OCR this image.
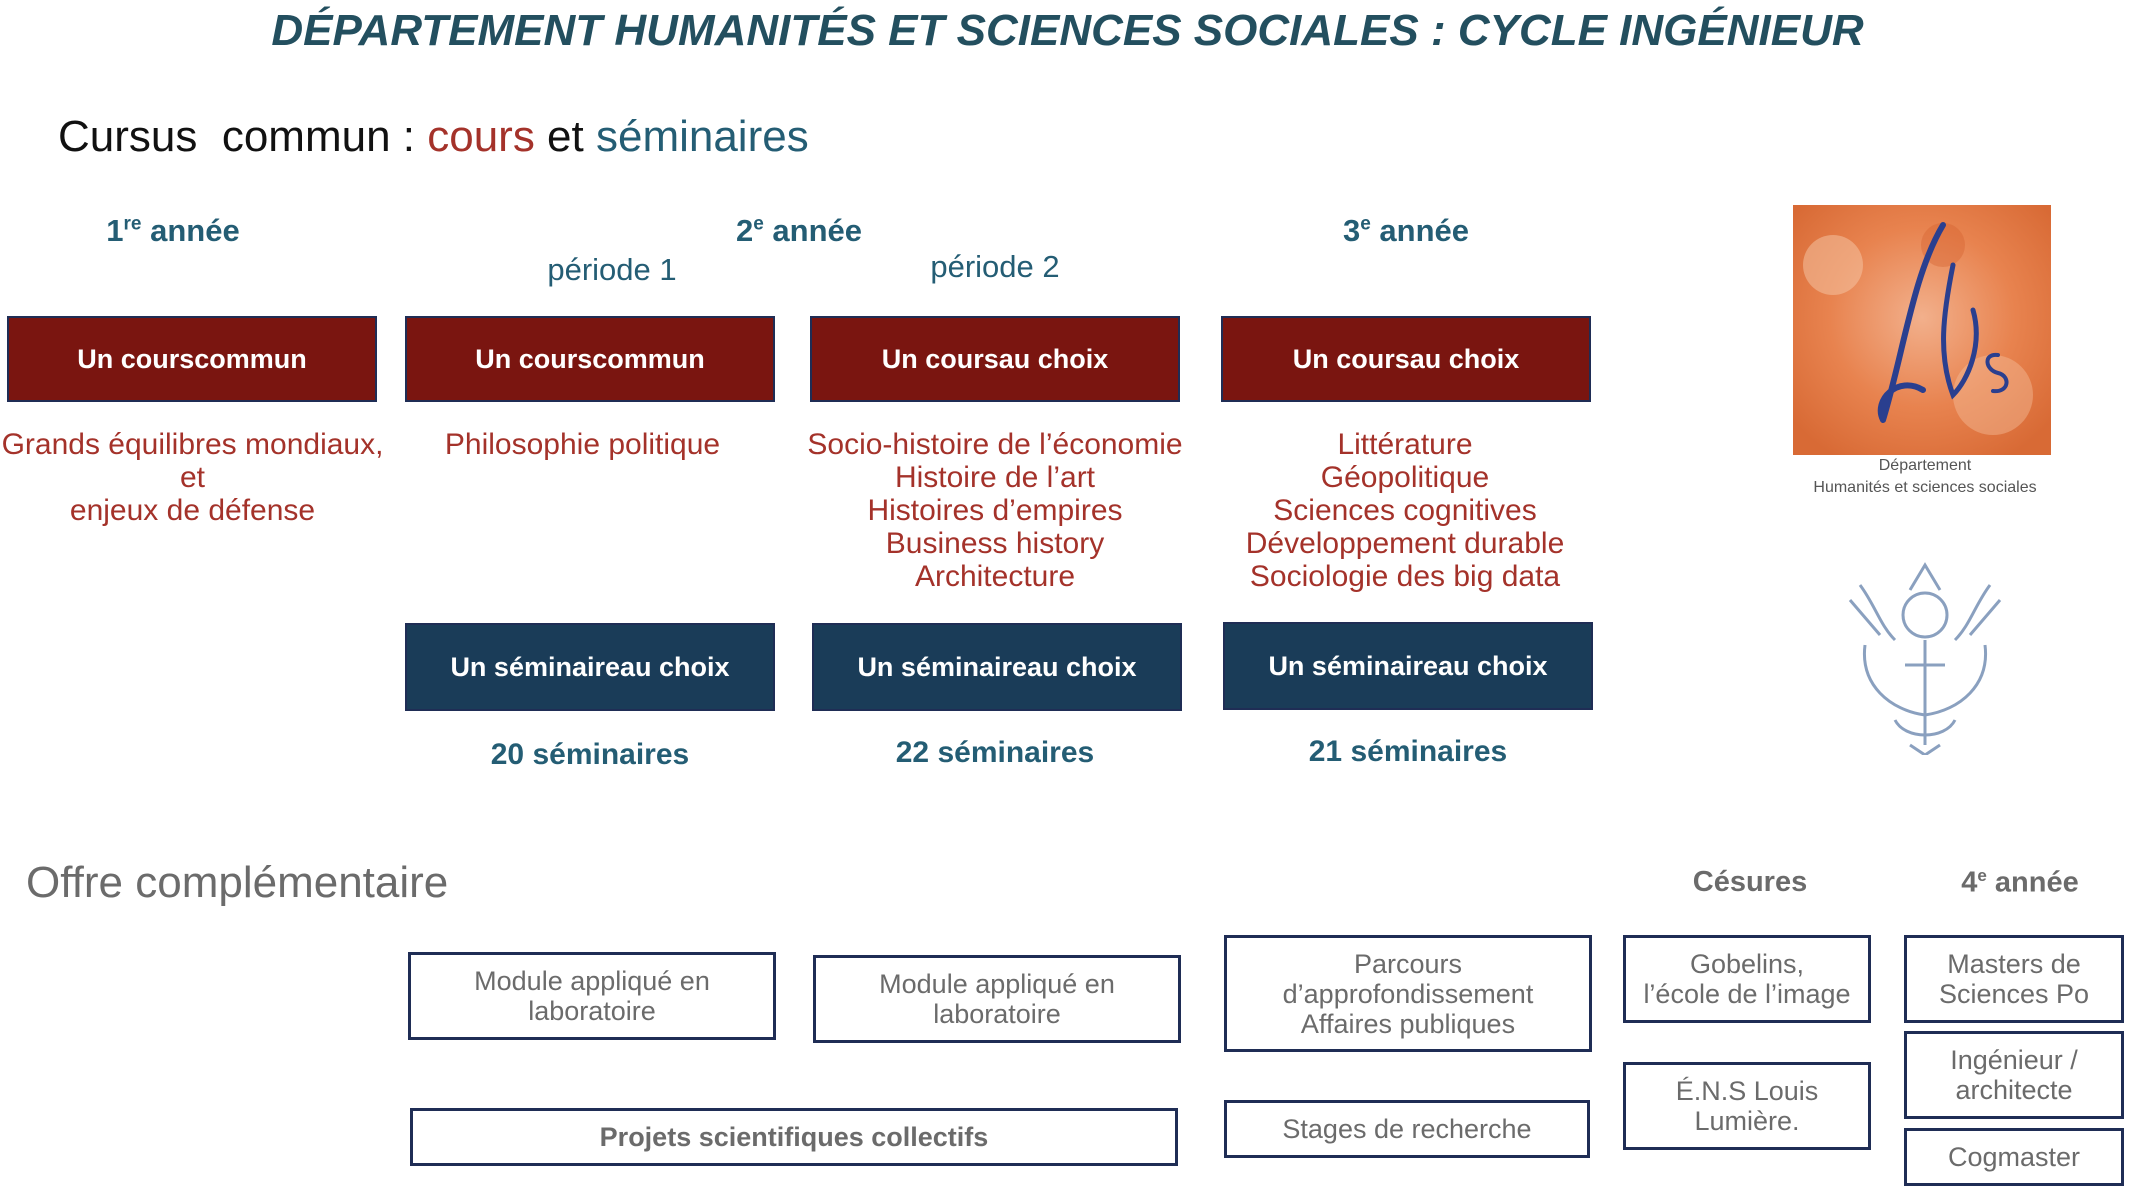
DÉPARTEMENT HUMANITÉS ET SCIENCES SOCIALES : CYCLE INGÉNIEUR
Cursus  commun : cours et séminaires
1re année	2e année	3e année
période 1	période 2
Un cours commun	Un cours commun	Un cours au choix	Un cours au choix
Grands équilibres mondiaux,
et
enjeux de défense
Philosophie politique	Socio-histoire de l’économie
Histoire de l’art
Histoires d’empires
Business history
Architecture
Littérature
Géopolitique
Sciences cognitives
Développement durable
Sociologie des big data
Un séminaire au choix	Un séminaire au choix	Un séminaire au choix
20 séminaires	22 séminaires	21 séminaires
Département
Humanités et sciences sociales
Offre complémentaire	Césures	4e année
Module appliqué en
laboratoire
Module appliqué en
laboratoire
Parcours
d’approfondissement
Affaires publiques
Projets scientifiques collectifs	Stages de recherche
Gobelins,
l’école de l’image
É.N.S Louis
Lumière.
Masters de
Sciences Po
Ingénieur /
architecte
Cogmaster
